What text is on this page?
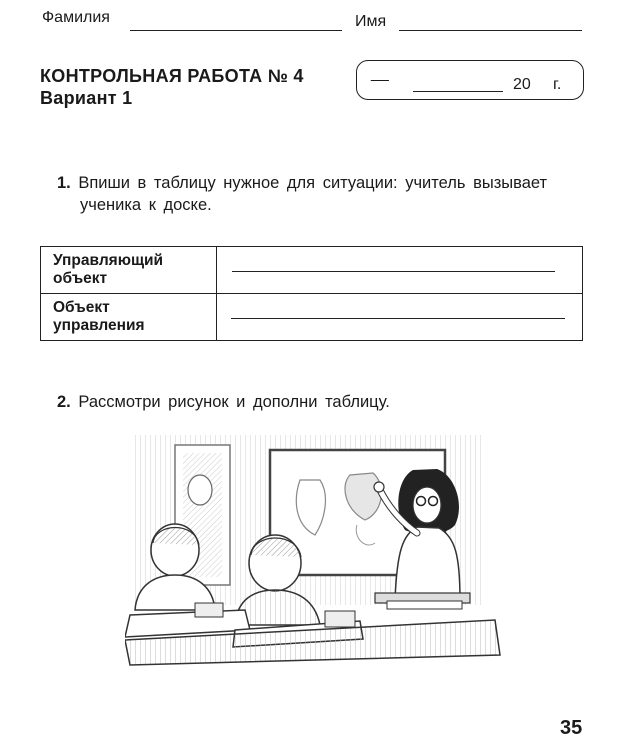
Фамилия	Имя
КОНТРОЛЬНАЯ РАБОТА № 4
Вариант 1
__
20 г.
1. Впиши в таблицу нужное для ситуации: учитель вызывает
ученика к доске.
Управляющий
объект	

Объект
управления	

2. Рассмотри рисунок и дополни таблицу.
35
